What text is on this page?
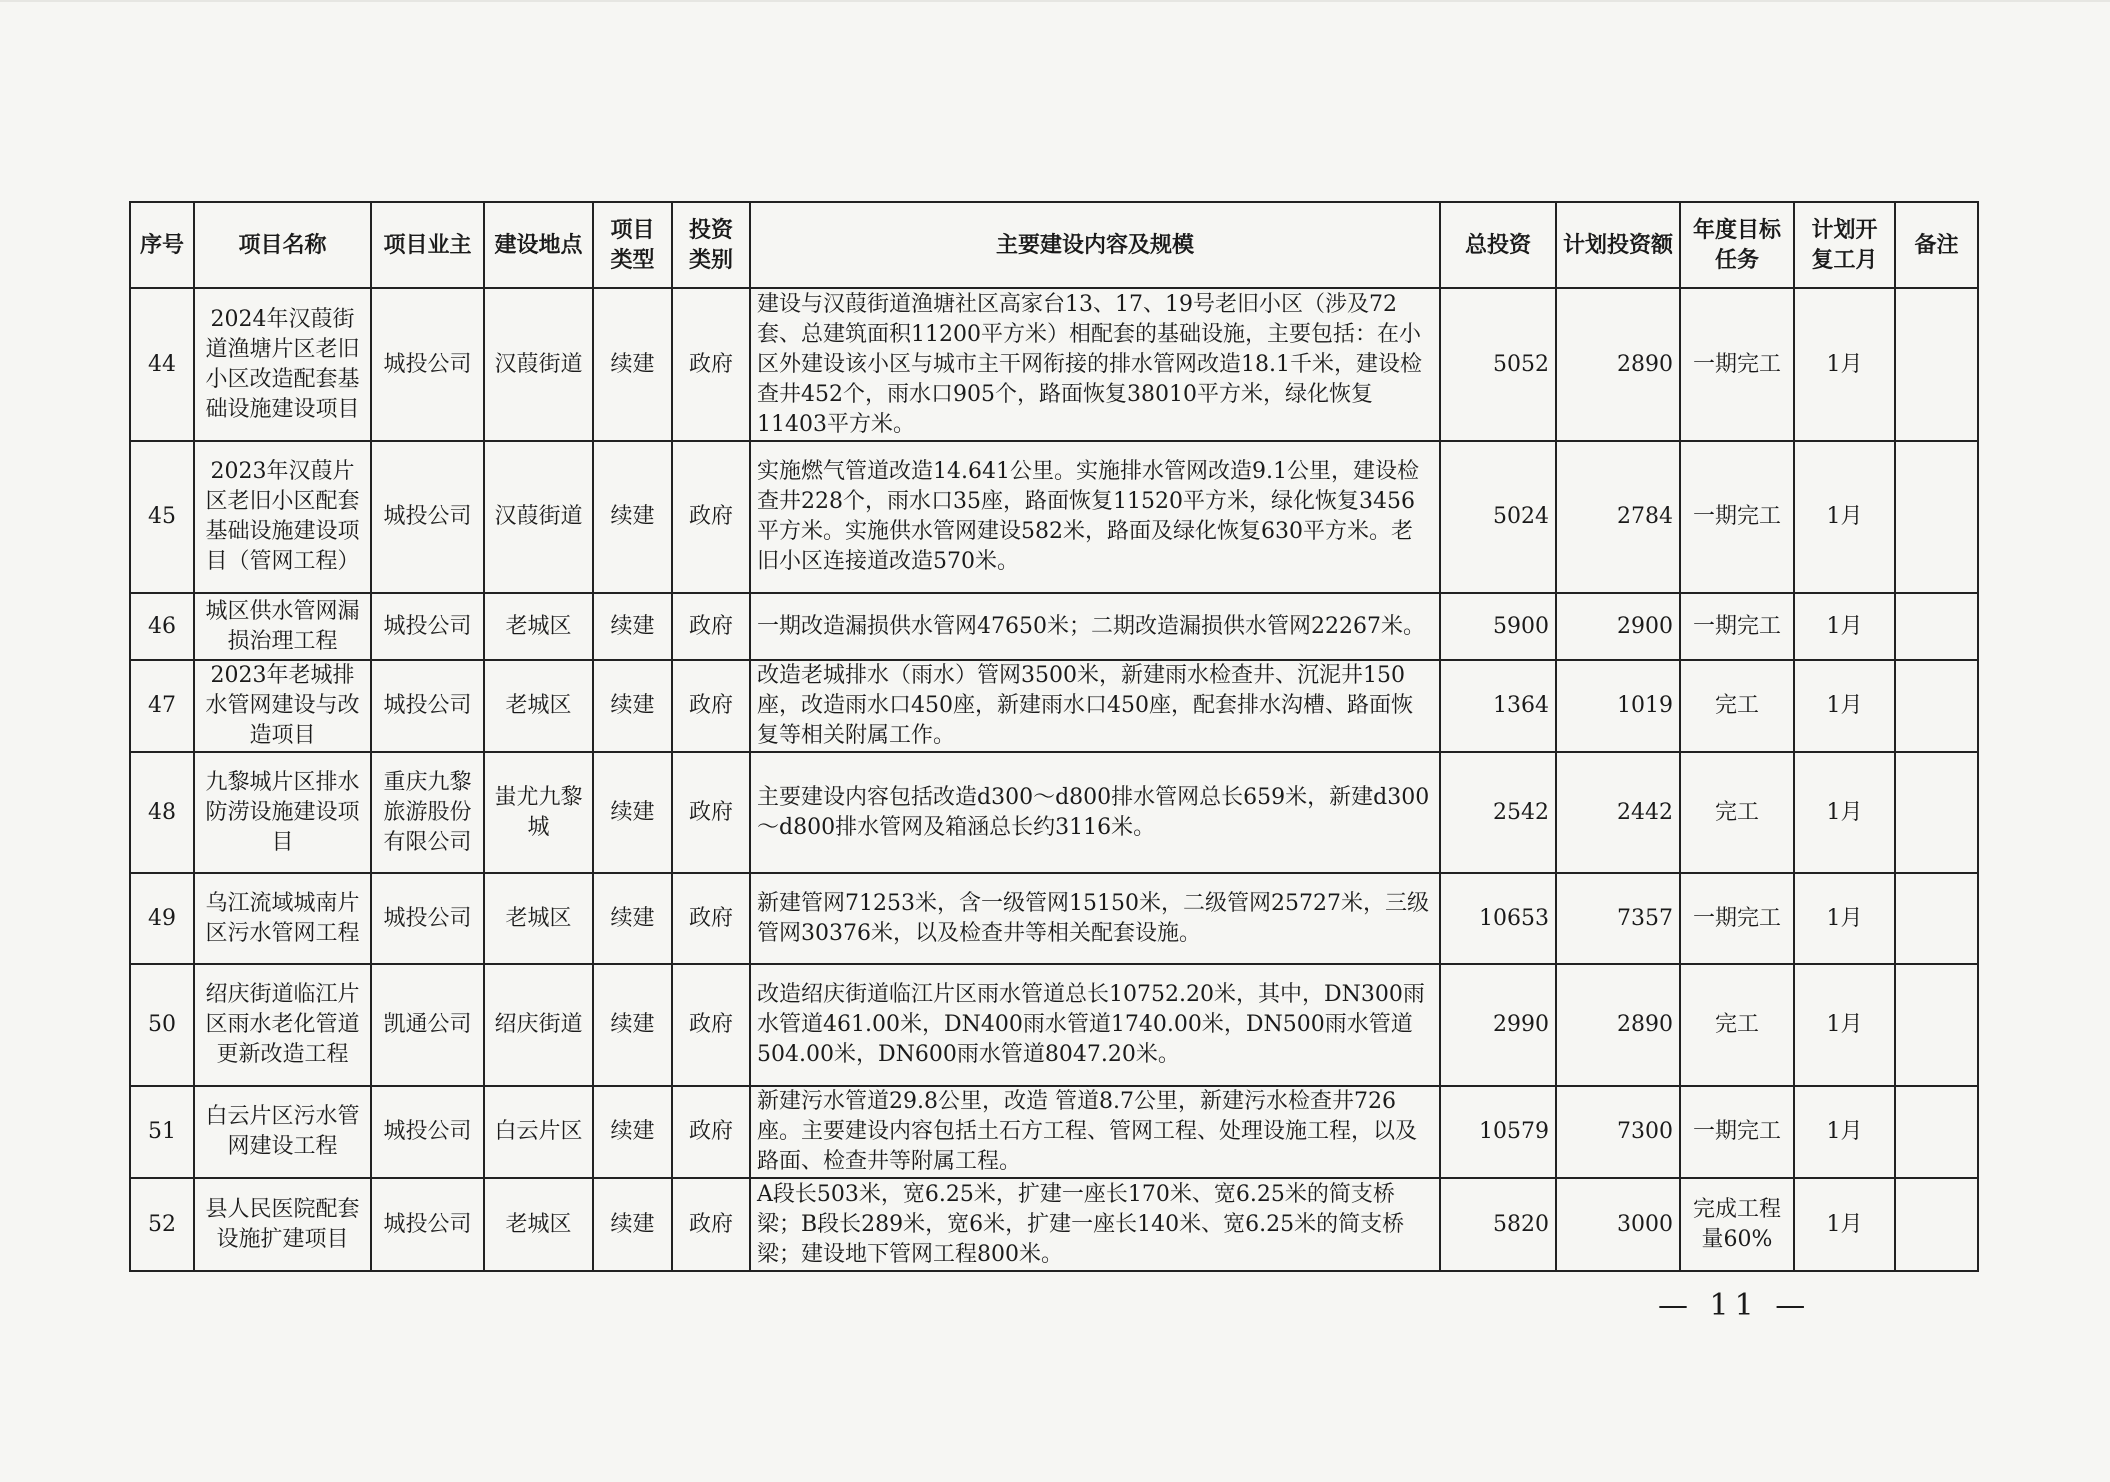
序号	项目名称	项目业主	建设地点	项目类型	投资类别	主要建设内容及规模	总投资	计划投资额	年度目标任务	计划开复工月	备注
44	2024年汉葭街道渔塘片区老旧小区改造配套基础设施建设项目	城投公司	汉葭街道	续建	政府	建设与汉葭街道渔塘社区高家台13、17、19号老旧小区（涉及72套、总建筑面积11200平方米）相配套的基础设施，主要包括：在小区外建设该小区与城市主干网衔接的排水管网改造18.1千米，建设检查井452个，雨水口905个，路面恢复38010平方米，绿化恢复11403平方米。	5052	2890	一期完工	1月	
45	2023年汉葭片区老旧小区配套基础设施建设项目（管网工程）	城投公司	汉葭街道	续建	政府	实施燃气管道改造14.641公里。实施排水管网改造9.1公里，建设检查井228个，雨水口35座，路面恢复11520平方米，绿化恢复3456平方米。实施供水管网建设582米，路面及绿化恢复630平方米。老旧小区连接道改造570米。	5024	2784	一期完工	1月	
46	城区供水管网漏损治理工程	城投公司	老城区	续建	政府	一期改造漏损供水管网47650米；二期改造漏损供水管网22267米。	5900	2900	一期完工	1月	
47	2023年老城排水管网建设与改造项目	城投公司	老城区	续建	政府	改造老城排水（雨水）管网3500米，新建雨水检查井、沉泥井150座，改造雨水口450座，新建雨水口450座，配套排水沟槽、路面恢复等相关附属工作。	1364	1019	完工	1月	
48	九黎城片区排水防涝设施建设项目	重庆九黎旅游股份有限公司	蚩尤九黎城	续建	政府	主要建设内容包括改造d300～d800排水管网总长659米，新建d300～d800排水管网及箱涵总长约3116米。	2542	2442	完工	1月	
49	乌江流域城南片区污水管网工程	城投公司	老城区	续建	政府	新建管网71253米，含一级管网15150米，二级管网25727米，三级管网30376米，以及检查井等相关配套设施。	10653	7357	一期完工	1月	
50	绍庆街道临江片区雨水老化管道更新改造工程	凯通公司	绍庆街道	续建	政府	改造绍庆街道临江片区雨水管道总长10752.20米，其中，DN300雨水管道461.00米，DN400雨水管道1740.00米，DN500雨水管道504.00米，DN600雨水管道8047.20米。	2990	2890	完工	1月	
51	白云片区污水管网建设工程	城投公司	白云片区	续建	政府	新建污水管道29.8公里，改造 管道8.7公里，新建污水检查井726座。主要建设内容包括土石方工程、管网工程、处理设施工程，以及路面、检查井等附属工程。	10579	7300	一期完工	1月	
52	县人民医院配套设施扩建项目	城投公司	老城区	续建	政府	A段长503米，宽6.25米，扩建一座长170米、宽6.25米的简支桥梁；B段长289米，宽6米，扩建一座长140米、宽6.25米的简支桥梁；建设地下管网工程800米。	5820	3000	完成工程量60%	1月	
— 11 —
